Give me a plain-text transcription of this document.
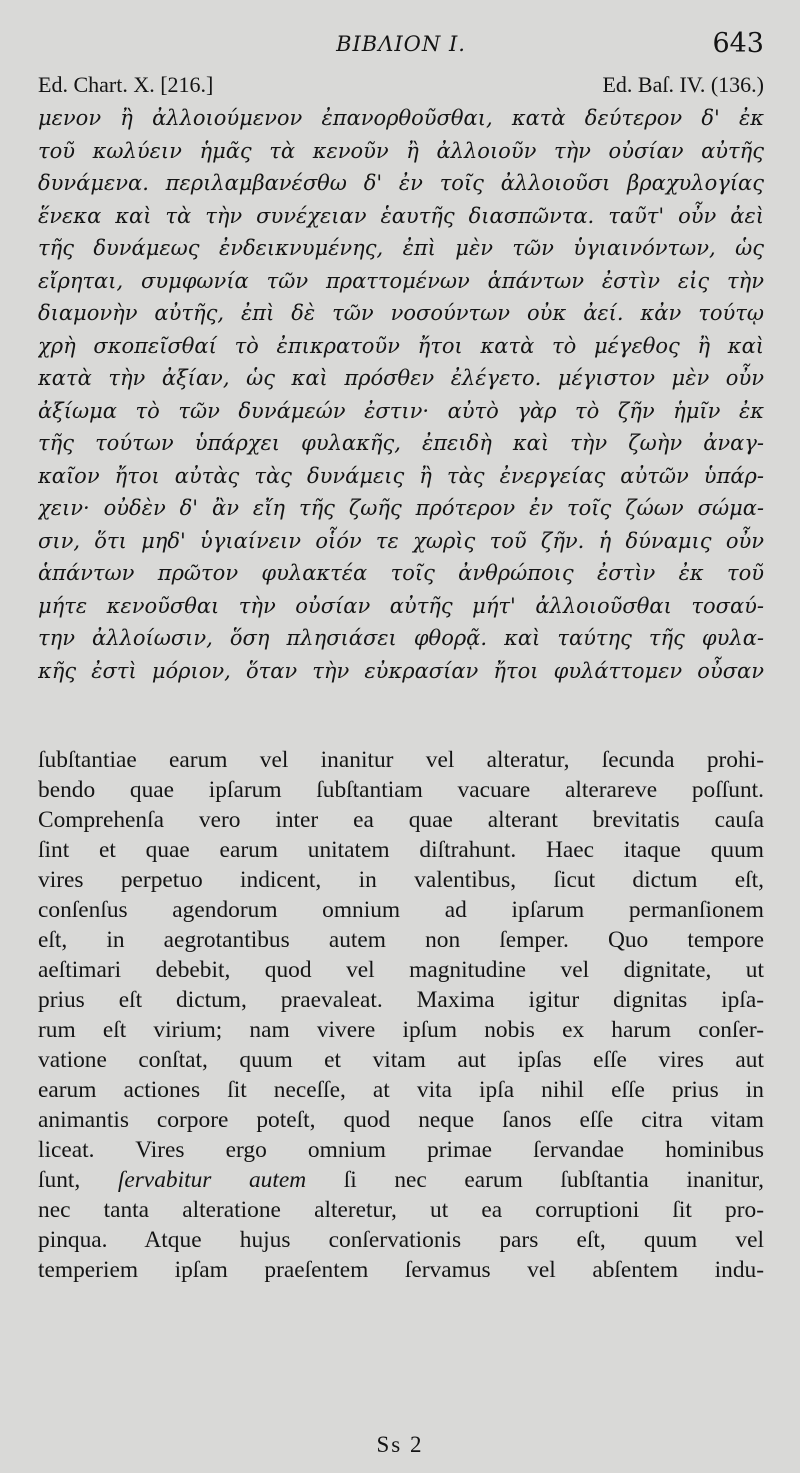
BIBΛΙΟΝ Ι.	643
Ed. Chart. X. [216.]	Ed. Baſ. IV. (136.)
μενον ἢ ἀλλοιούμενον ἐπανορθοῦσθαι, κατὰ δεύτερον δ' ἐκ
τοῦ κωλύειν ἡμᾶς τὰ κενοῦν ἢ ἀλλοιοῦν τὴν οὐσίαν αὐτῆς
δυνάμενα. περιλαμβανέσθω δ' ἐν τοῖς ἀλλοιοῦσι βραχυλογίας
ἕνεκα καὶ τὰ τὴν συνέχειαν ἑαυτῆς διασπῶντα. ταῦτ' οὖν ἀεὶ
τῆς δυνάμεως ἐνδεικνυμένης, ἐπὶ μὲν τῶν ὑγιαινόντων, ὡς
εἴρηται, συμφωνία τῶν πραττομένων ἁπάντων ἐστὶν εἰς τὴν
διαμονὴν αὐτῆς, ἐπὶ δὲ τῶν νοσούντων οὐκ ἀεί. κἀν τούτῳ
χρὴ σκοπεῖσθαί τὸ ἐπικρατοῦν ἤτοι κατὰ τὸ μέγεθος ἢ καὶ
κατὰ τὴν ἀξίαν, ὡς καὶ πρόσθεν ἐλέγετο. μέγιστον μὲν οὖν
ἀξίωμα τὸ τῶν δυνάμεών ἐστιν· αὐτὸ γὰρ τὸ ζῆν ἡμῖν ἐκ
τῆς τούτων ὑπάρχει φυλακῆς, ἐπειδὴ καὶ τὴν ζωὴν ἀναγ-
καῖον ἤτοι αὐτὰς τὰς δυνάμεις ἢ τὰς ἐνεργείας αὐτῶν ὑπάρ-
χειν· οὐδὲν δ' ἂν εἴη τῆς ζωῆς πρότερον ἐν τοῖς ζώων σώμα-
σιν, ὅτι μηδ' ὑγιαίνειν οἷόν τε χωρὶς τοῦ ζῆν. ἡ δύναμις οὖν
ἁπάντων πρῶτον φυλακτέα τοῖς ἀνθρώποις ἐστὶν ἐκ τοῦ
μήτε κενοῦσθαι τὴν οὐσίαν αὐτῆς μήτ' ἀλλοιοῦσθαι τοσαύ-
την ἀλλοίωσιν, ὅση πλησιάσει φθορᾷ. καὶ ταύτης τῆς φυλα-
κῆς ἐστὶ μόριον, ὅταν τὴν εὐκρασίαν ἤτοι φυλάττομεν οὖσαν
ſubſtantiae earum vel inanitur vel alteratur, ſecunda prohi-
bendo quae ipſarum ſubſtantiam vacuare alterareve poſſunt.
Comprehenſa vero inter ea quae alterant brevitatis cauſa
ſint et quae earum unitatem diſtrahunt. Haec itaque quum
vires perpetuo indicent, in valentibus, ſicut dictum eſt,
conſenſus agendorum omnium ad ipſarum permanſionem
eſt, in aegrotantibus autem non ſemper. Quo tempore
aeſtimari debebit, quod vel magnitudine vel dignitate, ut
prius eſt dictum, praevaleat. Maxima igitur dignitas ipſa-
rum eſt virium; nam vivere ipſum nobis ex harum conſer-
vatione conſtat, quum et vitam aut ipſas eſſe vires aut
earum actiones ſit neceſſe, at vita ipſa nihil eſſe prius in
animantis corpore poteſt, quod neque ſanos eſſe citra vitam
liceat. Vires ergo omnium primae ſervandae hominibus
ſunt, ſervabitur autem ſi nec earum ſubſtantia inanitur,
nec tanta alteratione alteretur, ut ea corruptioni ſit pro-
pinqua. Atque hujus conſervationis pars eſt, quum vel
temperiem ipſam praeſentem ſervamus vel abſentem indu-
Ss 2
